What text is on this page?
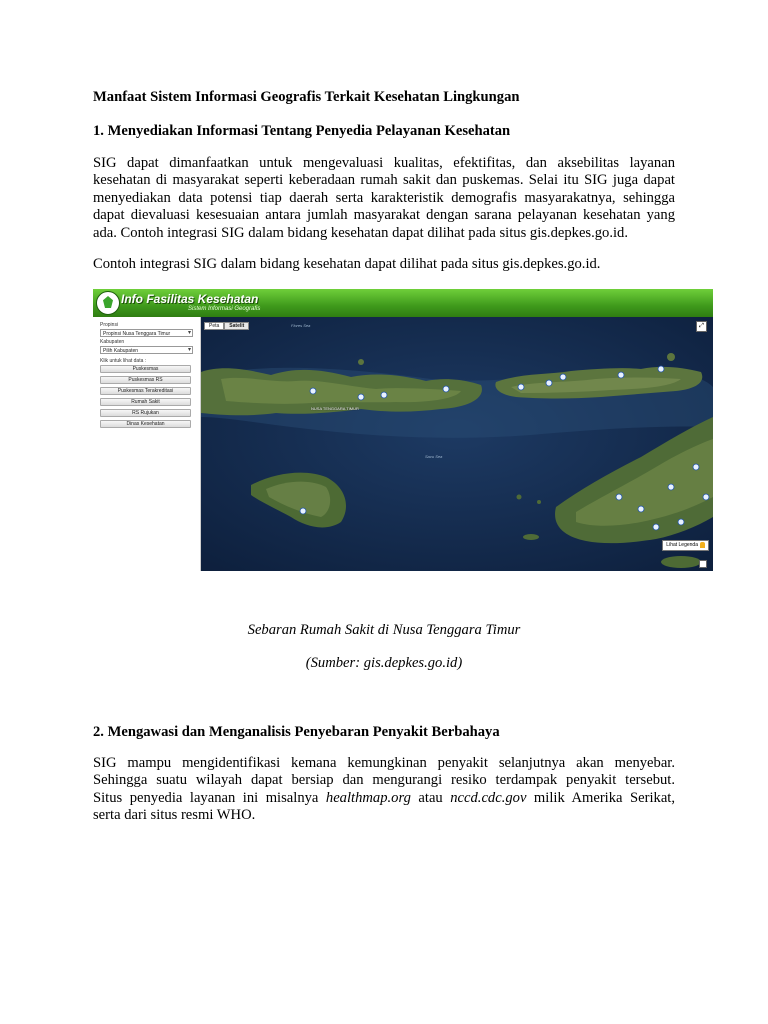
Manfaat Sistem Informasi Geografis Terkait Kesehatan Lingkungan
1. Menyediakan Informasi Tentang Penyedia Pelayanan Kesehatan
SIG dapat dimanfaatkan untuk mengevaluasi kualitas, efektifitas, dan aksebilitas layanan
kesehatan di masyarakat seperti keberadaan rumah sakit dan puskemas. Selai itu SIG juga dapat
menyediakan data potensi tiap daerah serta karakteristik demografis masyarakatnya, sehingga
dapat dievaluasi kesesuaian antara jumlah masyarakat dengan sarana pelayanan kesehatan yang
ada. Contoh integrasi SIG dalam bidang kesehatan dapat dilihat pada situs gis.depkes.go.id.
Contoh integrasi SIG dalam bidang kesehatan dapat dilihat pada situs gis.depkes.go.id.
Sebaran Rumah Sakit di Nusa Tenggara Timur
(Sumber: gis.depkes.go.id)
2. Mengawasi dan Menganalisis Penyebaran Penyakit Berbahaya
SIG mampu mengidentifikasi kemana kemungkinan penyakit selanjutnya akan menyebar.
Sehingga suatu wilayah dapat bersiap dan mengurangi resiko terdampak penyakit tersebut.
Situs penyedia layanan ini misalnya healthmap.org atau nccd.cdc.gov milik Amerika Serikat,
serta dari situs resmi WHO.
Info Fasilitas Kesehatan
Sistem Informasi Geografis
Propinsi
Propinsi Nusa Tenggara Timur ▾
Kabupaten
Pilih Kabupaten ▾
Klik untuk lihat data :
Puskesmas
Puskesmas RS
Puskesmas Terakreditasi
Rumah Sakit
RS Rujukan
Dinas Kesehatan
Peta	Satelit	⤢
Flores Sea
Savu Sea
NUSA TENGGARA TIMUR
Lihat Legenda
